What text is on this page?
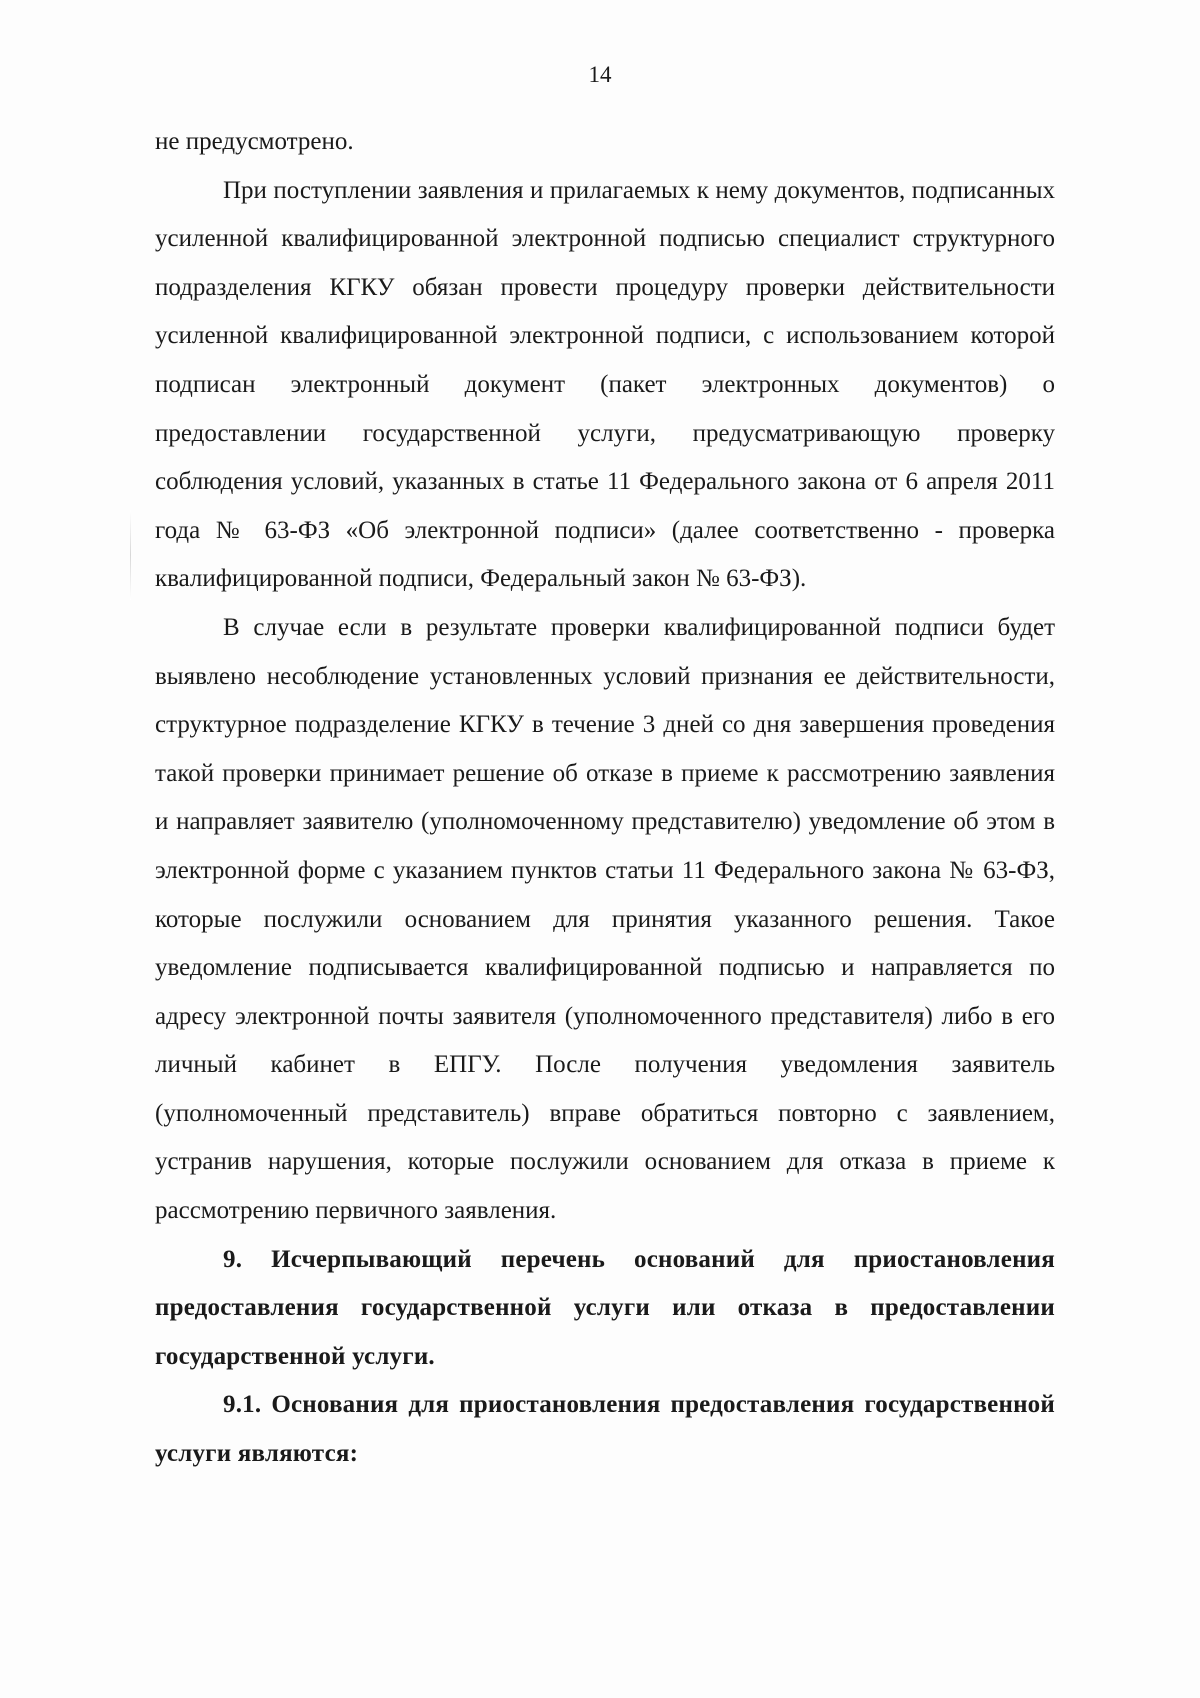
14

не предусмотрено.

При поступлении заявления и прилагаемых к нему документов, подписанных усиленной квалифицированной электронной подписью специалист структурного подразделения КГКУ обязан провести процедуру проверки действительности усиленной квалифицированной электронной подписи, с использованием которой подписан электронный документ (пакет электронных документов) о предоставлении государственной услуги, предусматривающую проверку соблюдения условий, указанных в статье 11 Федерального закона от 6 апреля 2011 года № 63-ФЗ «Об электронной подписи» (далее соответственно - проверка квалифицированной подписи, Федеральный закон № 63-ФЗ).

В случае если в результате проверки квалифицированной подписи будет выявлено несоблюдение установленных условий признания ее действительности, структурное подразделение КГКУ в течение 3 дней со дня завершения проведения такой проверки принимает решение об отказе в приеме к рассмотрению заявления и направляет заявителю (уполномоченному представителю) уведомление об этом в электронной форме с указанием пунктов статьи 11 Федерального закона № 63-ФЗ, которые послужили основанием для принятия указанного решения. Такое уведомление подписывается квалифицированной подписью и направляется по адресу электронной почты заявителя (уполномоченного представителя) либо в его личный кабинет в ЕПГУ. После получения уведомления заявитель (уполномоченный представитель) вправе обратиться повторно с заявлением, устранив нарушения, которые послужили основанием для отказа в приеме к рассмотрению первичного заявления.

9. Исчерпывающий перечень оснований для приостановления предоставления государственной услуги или отказа в предоставлении государственной услуги.

9.1. Основания для приостановления предоставления государственной услуги являются:
